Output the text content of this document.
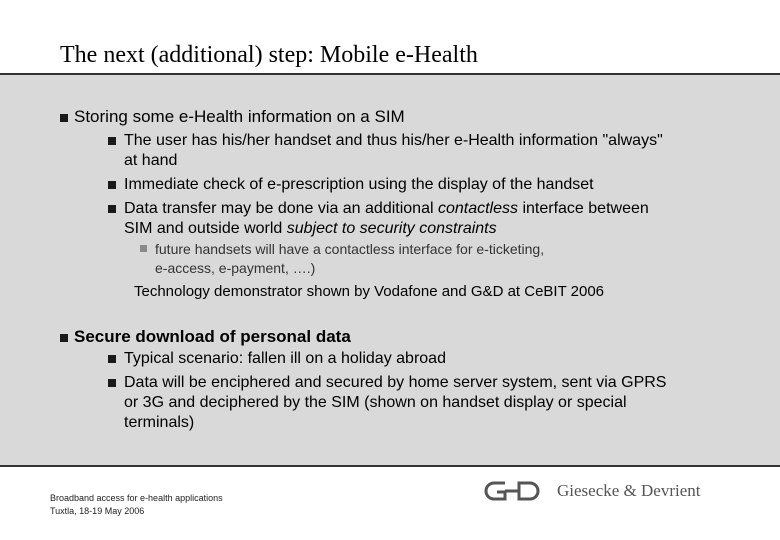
The next (additional) step: Mobile e-Health
Storing some e-Health information on a SIM
The user has his/her handset and thus his/her e-Health information "always"
at hand
Immediate check of e-prescription using the display of the handset
Data transfer may be done via an additional contactless interface between
SIM and outside world subject to security constraints
future handsets will have a contactless interface for e-ticketing,
e-access, e-payment, ….)
Technology demonstrator shown by Vodafone and G&D at CeBIT 2006
Secure download of personal data
Typical scenario: fallen ill on a holiday abroad
Data will be enciphered and secured by home server system, sent via GPRS
or 3G and deciphered by the SIM (shown on handset display or special
terminals)
Broadband access for e-health applications
Tuxtla, 18-19 May 2006
Giesecke & Devrient
